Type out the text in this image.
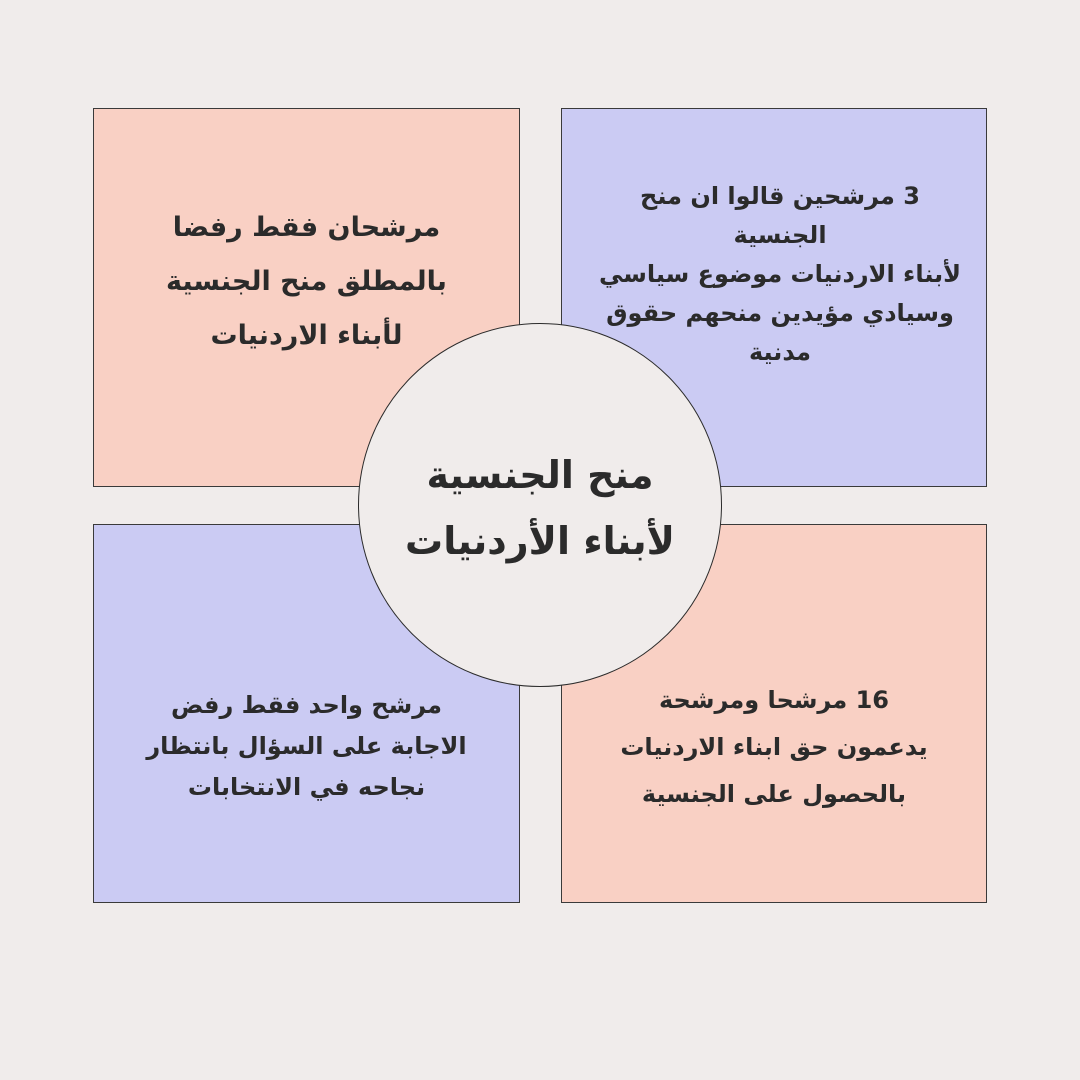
مرشحان فقط رفضا
بالمطلق منح الجنسية
لأبناء الاردنيات
3 مرشحين قالوا ان منح الجنسية
لأبناء الاردنيات موضوع سياسي
وسيادي مؤيدين منحهم حقوق
مدنية
مرشح واحد فقط رفض
الاجابة على السؤال بانتظار
نجاحه في الانتخابات
16 مرشحا ومرشحة
يدعمون حق ابناء الاردنيات
بالحصول على الجنسية
منح الجنسية
لأبناء الأردنيات
